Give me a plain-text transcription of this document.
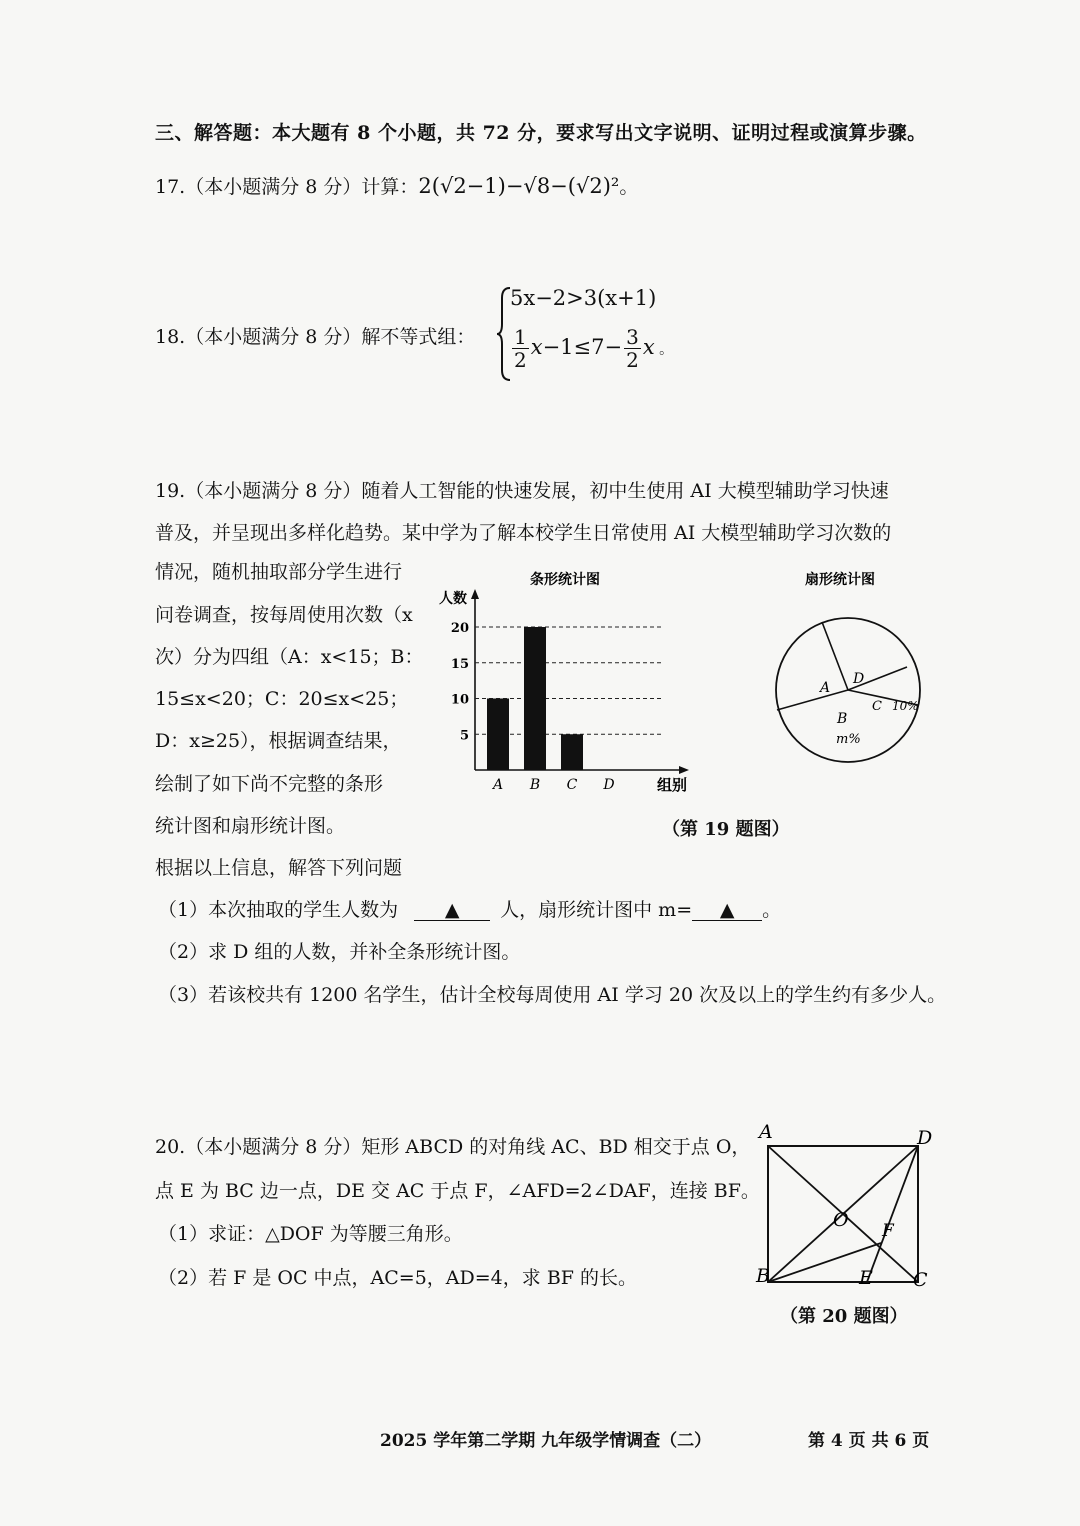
三、解答题：本大题有 8 个小题，共 72 分，要求写出文字说明、证明过程或演算步骤。
17.（本小题满分 8 分）计算：2(√2−1)−√8−(√2)²。
18.（本小题满分 8 分）解不等式组：
5x−2>3(x+1)
$\frac{1}{2} x-1\le 7- \frac{3}{2}$ x 。
19.（本小题满分 8 分）随着人工智能的快速发展，初中生使用 AI 大模型辅助学习快速
普及，并呈现出多样化趋势。某中学为了解本校学生日常使用 AI 大模型辅助学习次数的
情况，随机抽取部分学生进行
问卷调查，按每周使用次数（x
次）分为四组（A：x<15；B：
15≤x<20；C：20≤x<25；
D：x≥25），根据调查结果，
绘制了如下尚不完整的条形
统计图和扇形统计图。
根据以上信息，解答下列问题
条形统计图
人数
组别
5
10
15
20
A B C D
扇形统计图
A
D
C 10%
B
m%
（第 19 题图）
（1）本次抽取的学生人数为 ▲ 人，扇形统计图中 m= ▲ 。
（2）求 D 组的人数，并补全条形统计图。
（3）若该校共有 1200 名学生，估计全校每周使用 AI 学习 20 次及以上的学生约有多少人。
20.（本小题满分 8 分）矩形 ABCD 的对角线 AC、BD 相交于点 O，
点 E 为 BC 边一点，DE 交 AC 于点 F，∠AFD=2∠DAF，连接 BF。
（1）求证：△DOF 为等腰三角形。
（2）若 F 是 OC 中点，AC=5，AD=4，求 BF 的长。
A	D
B	E C
O F
（第 20 题图）
2025 学年第二学期 九年级学情调查（二）	第 4 页 共 6 页
